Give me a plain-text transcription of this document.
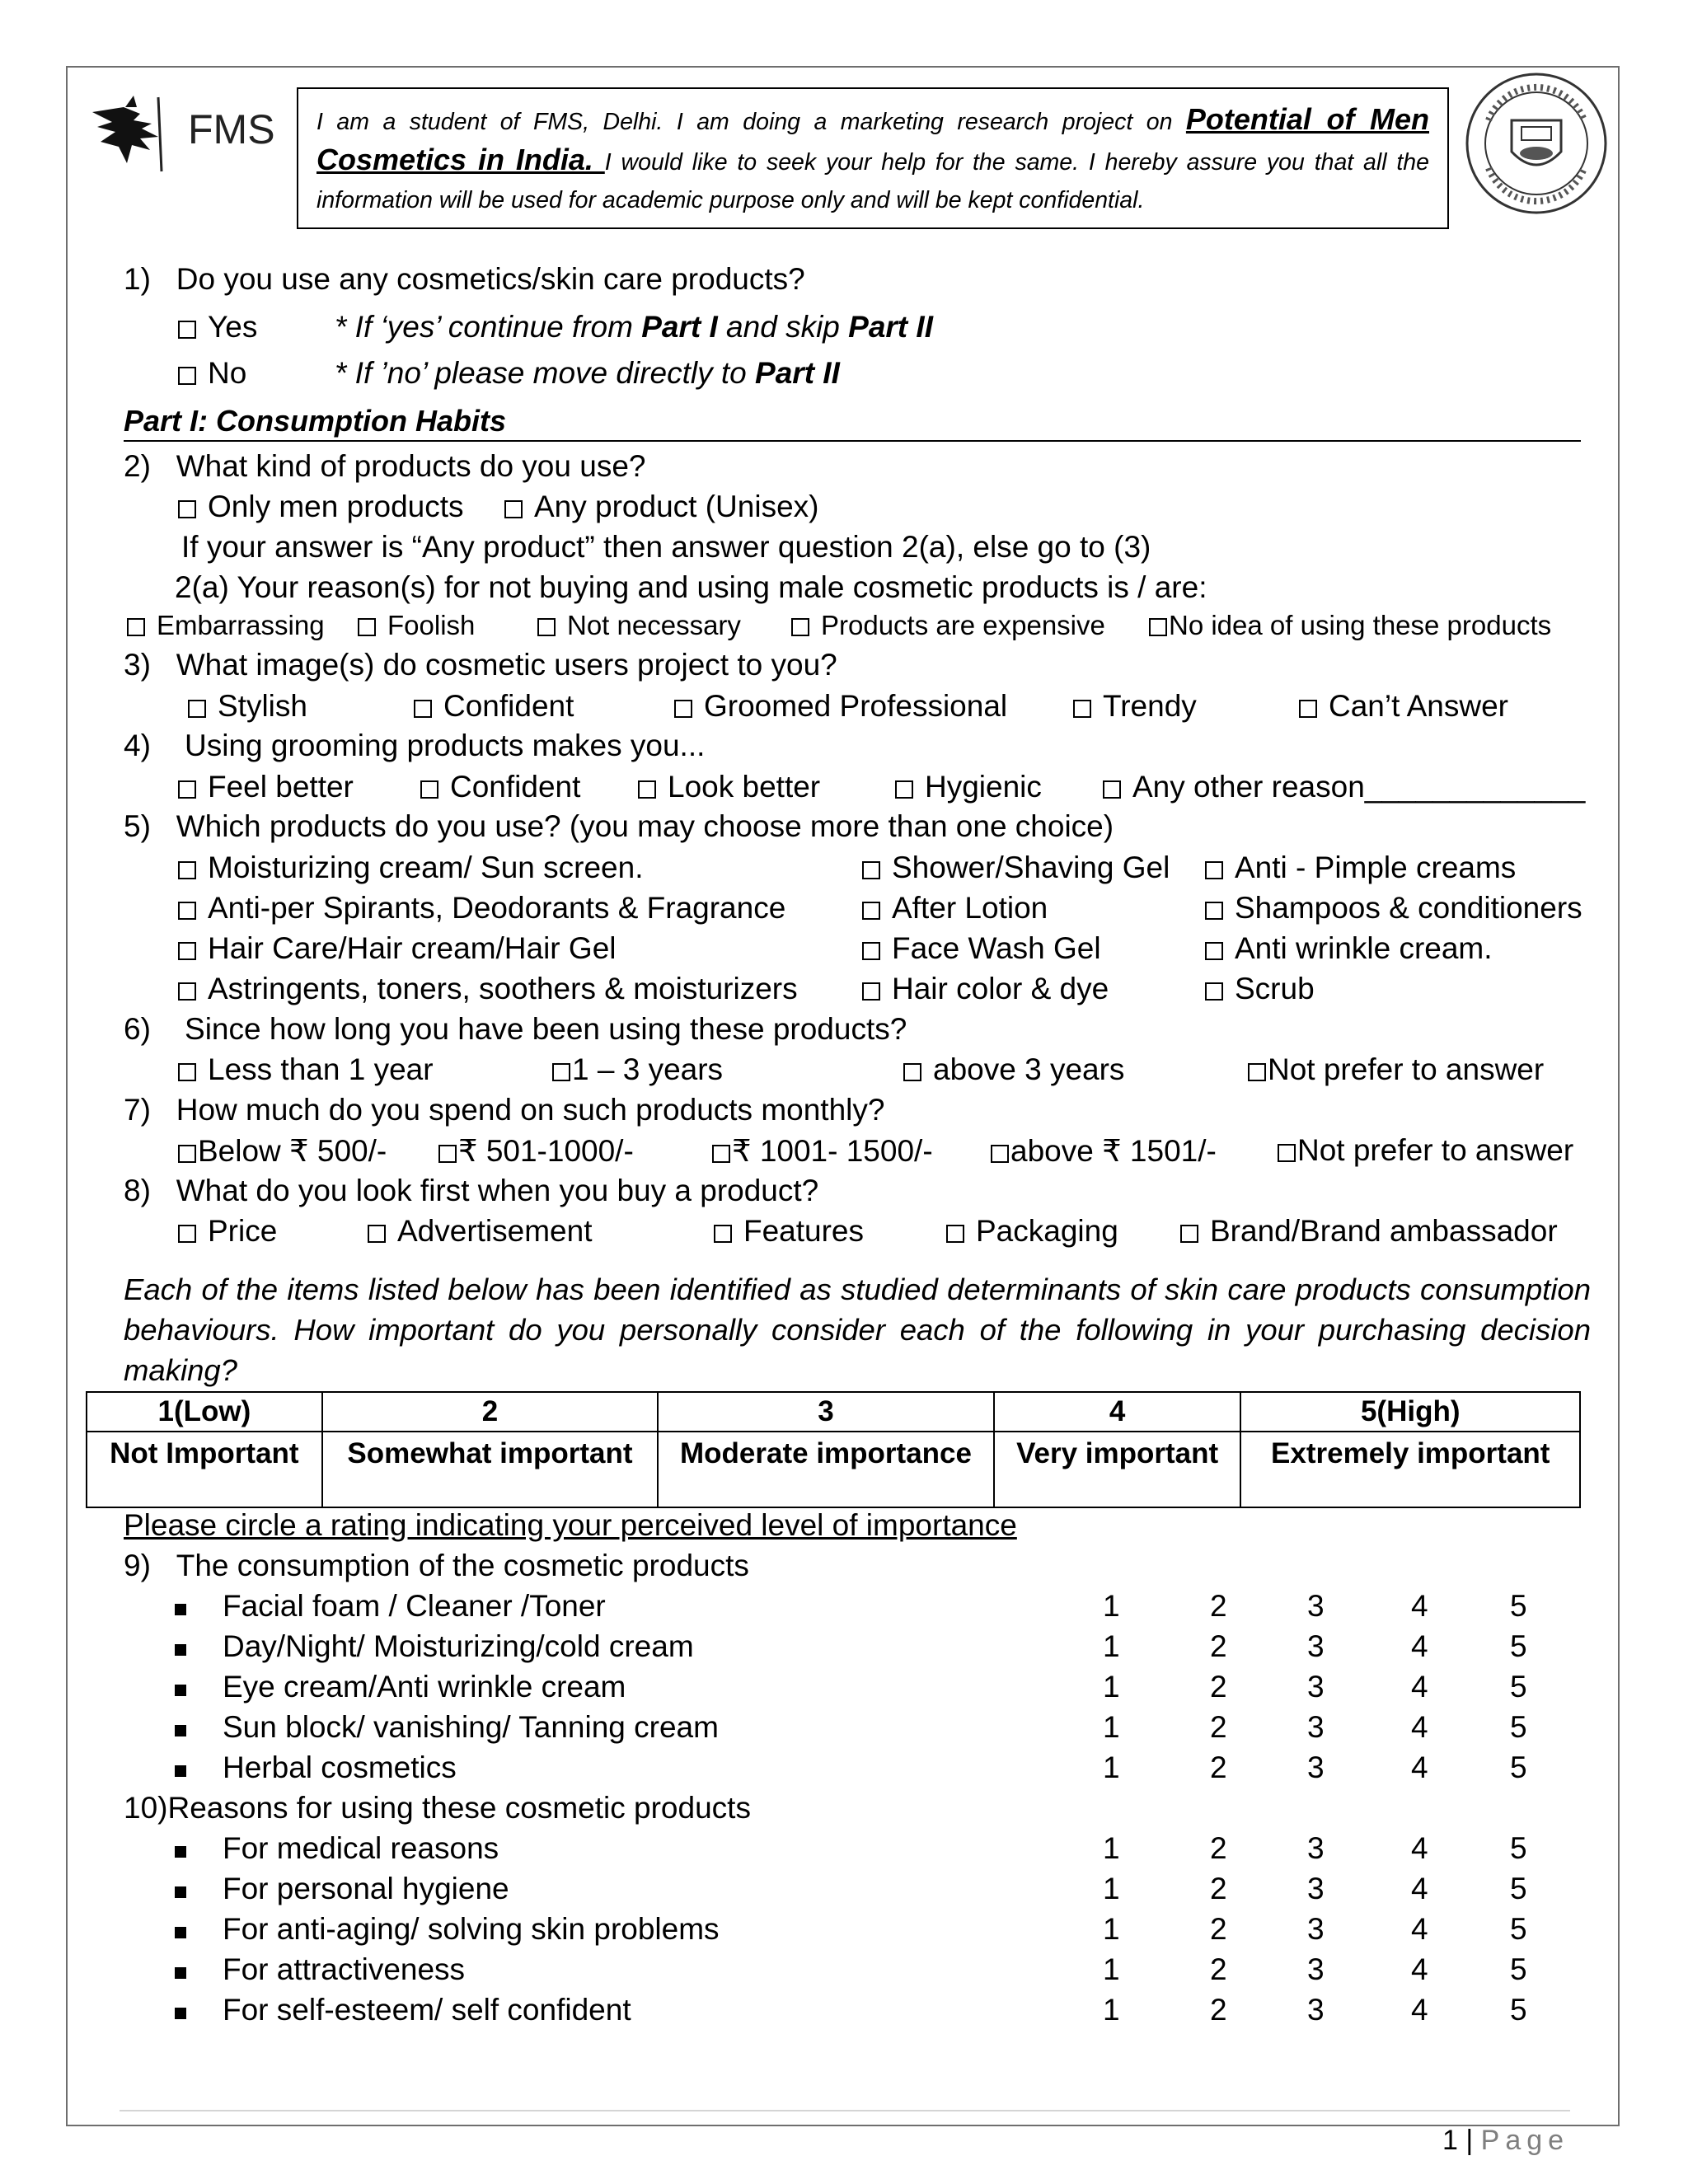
FMS	I am a student of FMS, Delhi. I am doing a marketing research project on Potential of Men Cosmetics in India. I would like to seek your help for the same. I hereby assure you that all the information will be used for academic purpose only and will be kept confidential.
1) Do you use any cosmetics/skin care products?
Yes	* If ‘yes’ continue from Part I and skip Part II
No	* If ’no’ please move directly to Part II
Part I: Consumption Habits
2) What kind of products do you use?
Only men products	Any product (Unisex)
If your answer is “Any product” then answer question 2(a), else go to (3)
2(a) Your reason(s) for not buying and using male cosmetic products is / are:
Embarrassing	Foolish	Not necessary	Products are expensive	No idea of using these products
3) What image(s) do cosmetic users project to you?
Stylish	Confident	Groomed Professional	Trendy	Can’t Answer
4) Using grooming products makes you...
Feel better	Confident	Look better	Hygienic	Any other reason_____________
5) Which products do you use? (you may choose more than one choice)
Moisturizing cream/ Sun screen.	Shower/Shaving Gel	Anti - Pimple creams
Anti-per Spirants, Deodorants & Fragrance	After Lotion	Shampoos & conditioners
Hair Care/Hair cream/Hair Gel	Face Wash Gel	Anti wrinkle cream.
Astringents, toners, soothers & moisturizers	Hair color & dye	Scrub
6) Since how long you have been using these products?
Less than 1 year	1 – 3 years	above 3 years	Not prefer to answer
7) How much do you spend on such products monthly?
Below ₹ 500/-	₹ 501-1000/-	₹ 1001- 1500/-	above ₹ 1501/-	Not prefer to answer
8) What do you look first when you buy a product?
Price	Advertisement	Features	Packaging	Brand/Brand ambassador
Each of the items listed below has been identified as studied determinants of skin care products consumption behaviours. How important do you personally consider each of the following in your purchasing decision making?
1(Low)	2	3	4	5(High)
Not Important	Somewhat important	Moderate importance	Very important	Extremely important
Please circle a rating indicating your perceived level of importance
9) The consumption of the cosmetic products
Facial foam / Cleaner /Toner	1	2	3	4	5
Day/Night/ Moisturizing/cold cream	1	2	3	4	5
Eye cream/Anti wrinkle cream	1	2	3	4	5
Sun block/ vanishing/ Tanning cream	1	2	3	4	5
Herbal cosmetics	1	2	3	4	5
10)Reasons for using these cosmetic products
For medical reasons	1	2	3	4	5
For personal hygiene	1	2	3	4	5
For anti-aging/ solving skin problems	1	2	3	4	5
For attractiveness	1	2	3	4	5
For self-esteem/ self confident	1	2	3	4	5
1 | Page
